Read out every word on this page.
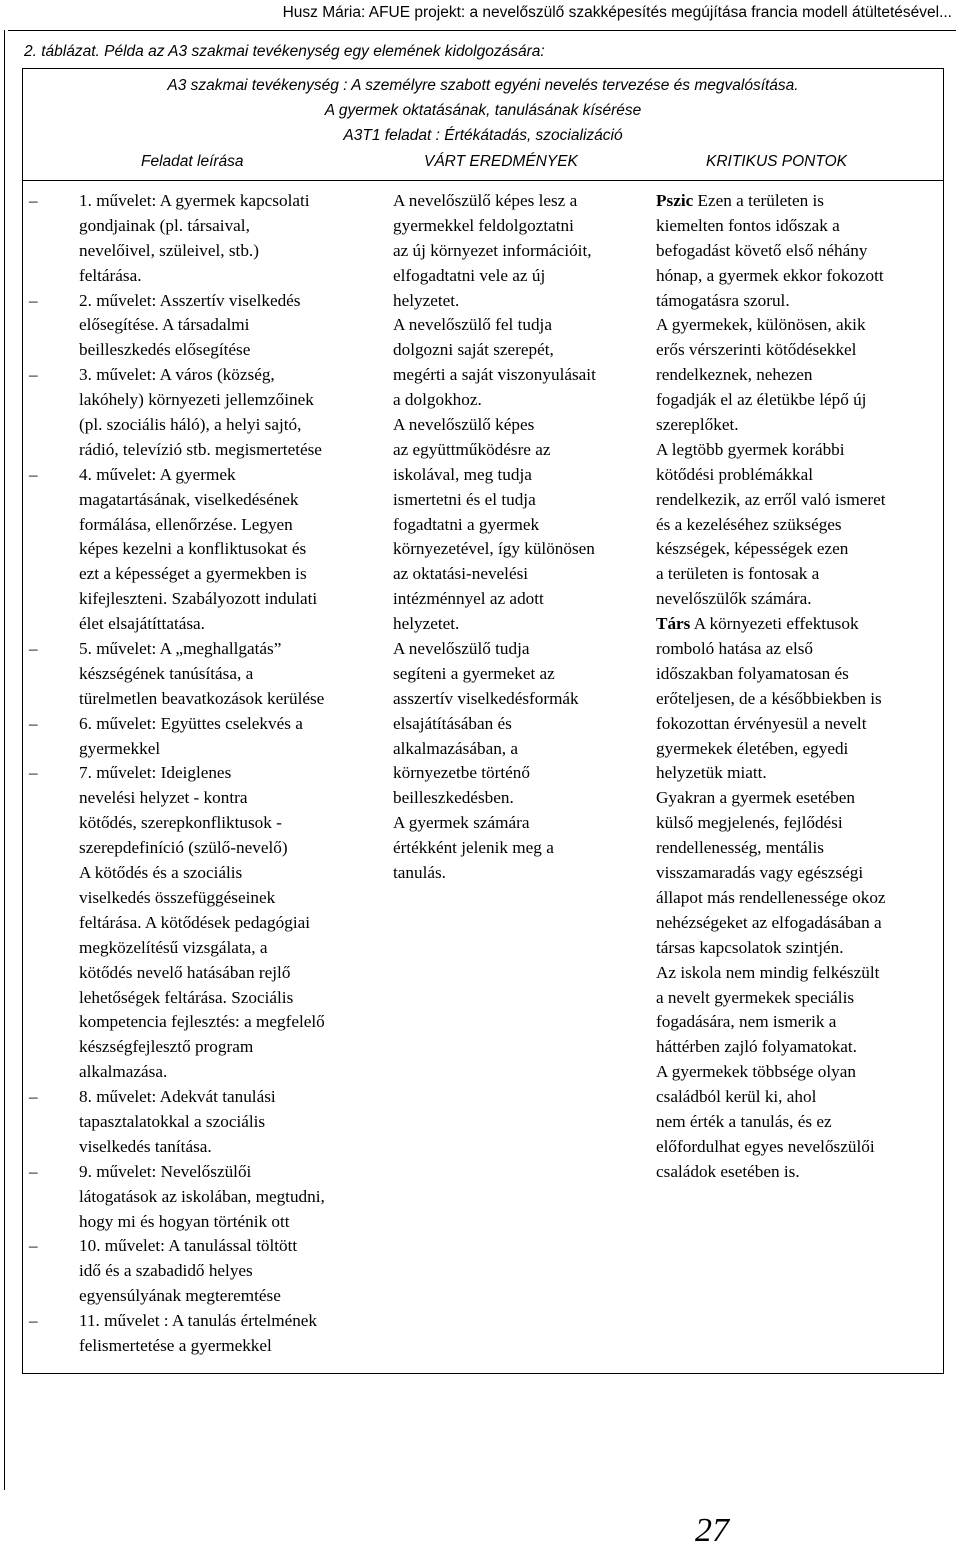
Husz Mária: AFUE projekt: a nevelőszülő szakképesítés megújítása francia modell átültetésével...
2. táblázat. Példa az A3 szakmai tevékenység egy elemének kidolgozására:
A3 szakmai tevékenység : A személyre szabott egyéni nevelés tervezése és megvalósítása.
A gyermek oktatásának, tanulásának kísérése
A3T1 feladat : Értékátadás, szocializáció
Feladat leírása	VÁRT EREDMÉNYEK	KRITIKUS PONTOK
– 1. művelet: A gyermek kapcsolati
gondjainak (pl. társaival,
nevelőivel, szüleivel, stb.)
feltárása.
– 2. művelet: Asszertív viselkedés
elősegítése. A társadalmi
beilleszkedés elősegítése
– 3. művelet: A város (község,
lakóhely) környezeti jellemzőinek
(pl. szociális háló), a helyi sajtó,
rádió, televízió stb. megismertetése
– 4. művelet: A gyermek
magatartásának, viselkedésének
formálása, ellenőrzése. Legyen
képes kezelni a konfliktusokat és
ezt a képességet a gyermekben is
kifejleszteni. Szabályozott indulati
élet elsajátíttatása.
– 5. művelet: A „meghallgatás”
készségének tanúsítása, a
türelmetlen beavatkozások kerülése
– 6. művelet: Együttes cselekvés a
gyermekkel
– 7. művelet: Ideiglenes
nevelési helyzet - kontra
kötődés, szerepkonfliktusok -
szerepdefiníció (szülő-nevelő)
A kötődés és a szociális
viselkedés összefüggéseinek
feltárása. A kötődések pedagógiai
megközelítésű vizsgálata, a
kötődés nevelő hatásában rejlő
lehetőségek feltárása. Szociális
kompetencia fejlesztés: a megfelelő
készségfejlesztő program
alkalmazása.
– 8. művelet: Adekvát tanulási
tapasztalatokkal a szociális
viselkedés tanítása.
– 9. művelet: Nevelőszülői
látogatások az iskolában, megtudni,
hogy mi és hogyan történik ott
– 10. művelet: A tanulással töltött
idő és a szabadidő helyes
egyensúlyának megteremtése
– 11. művelet : A tanulás értelmének
felismertetése a gyermekkel
A nevelőszülő képes lesz a
gyermekkel feldolgoztatni
az új környezet információit,
elfogadtatni vele az új
helyzetet.
A nevelőszülő fel tudja
dolgozni saját szerepét,
megérti a saját viszonyulásait
a dolgokhoz.
A nevelőszülő képes
az együttműködésre az
iskolával, meg tudja
ismertetni és el tudja
fogadtatni a gyermek
környezetével, így különösen
az oktatási-nevelési
intézménnyel az adott
helyzetet.
A nevelőszülő tudja
segíteni a gyermeket az
asszertív viselkedésformák
elsajátításában és
alkalmazásában, a
környezetbe történő
beilleszkedésben.
A gyermek számára
értékként jelenik meg a
tanulás.
Pszic Ezen a területen is
kiemelten fontos időszak a
befogadást követő első néhány
hónap, a gyermek ekkor fokozott
támogatásra szorul.
A gyermekek, különösen, akik
erős vérszerinti kötődésekkel
rendelkeznek, nehezen
fogadják el az életükbe lépő új
szereplőket.
A legtöbb gyermek korábbi
kötődési problémákkal
rendelkezik, az erről való ismeret
és a kezeléséhez szükséges
készségek, képességek ezen
a területen is fontosak a
nevelőszülők számára.
Társ A környezeti effektusok
romboló hatása az első
időszakban folyamatosan és
erőteljesen, de a későbbiekben is
fokozottan érvényesül a nevelt
gyermekek életében, egyedi
helyzetük miatt.
Gyakran a gyermek esetében
külső megjelenés, fejlődési
rendellenesség, mentális
visszamaradás vagy egészségi
állapot más rendellenessége okoz
nehézségeket az elfogadásában a
társas kapcsolatok szintjén.
Az iskola nem mindig felkészült
a nevelt gyermekek speciális
fogadására, nem ismerik a
háttérben zajló folyamatokat.
A gyermekek többsége olyan
családból kerül ki, ahol
nem érték a tanulás, és ez
előfordulhat egyes nevelőszülői
családok esetében is.
27
